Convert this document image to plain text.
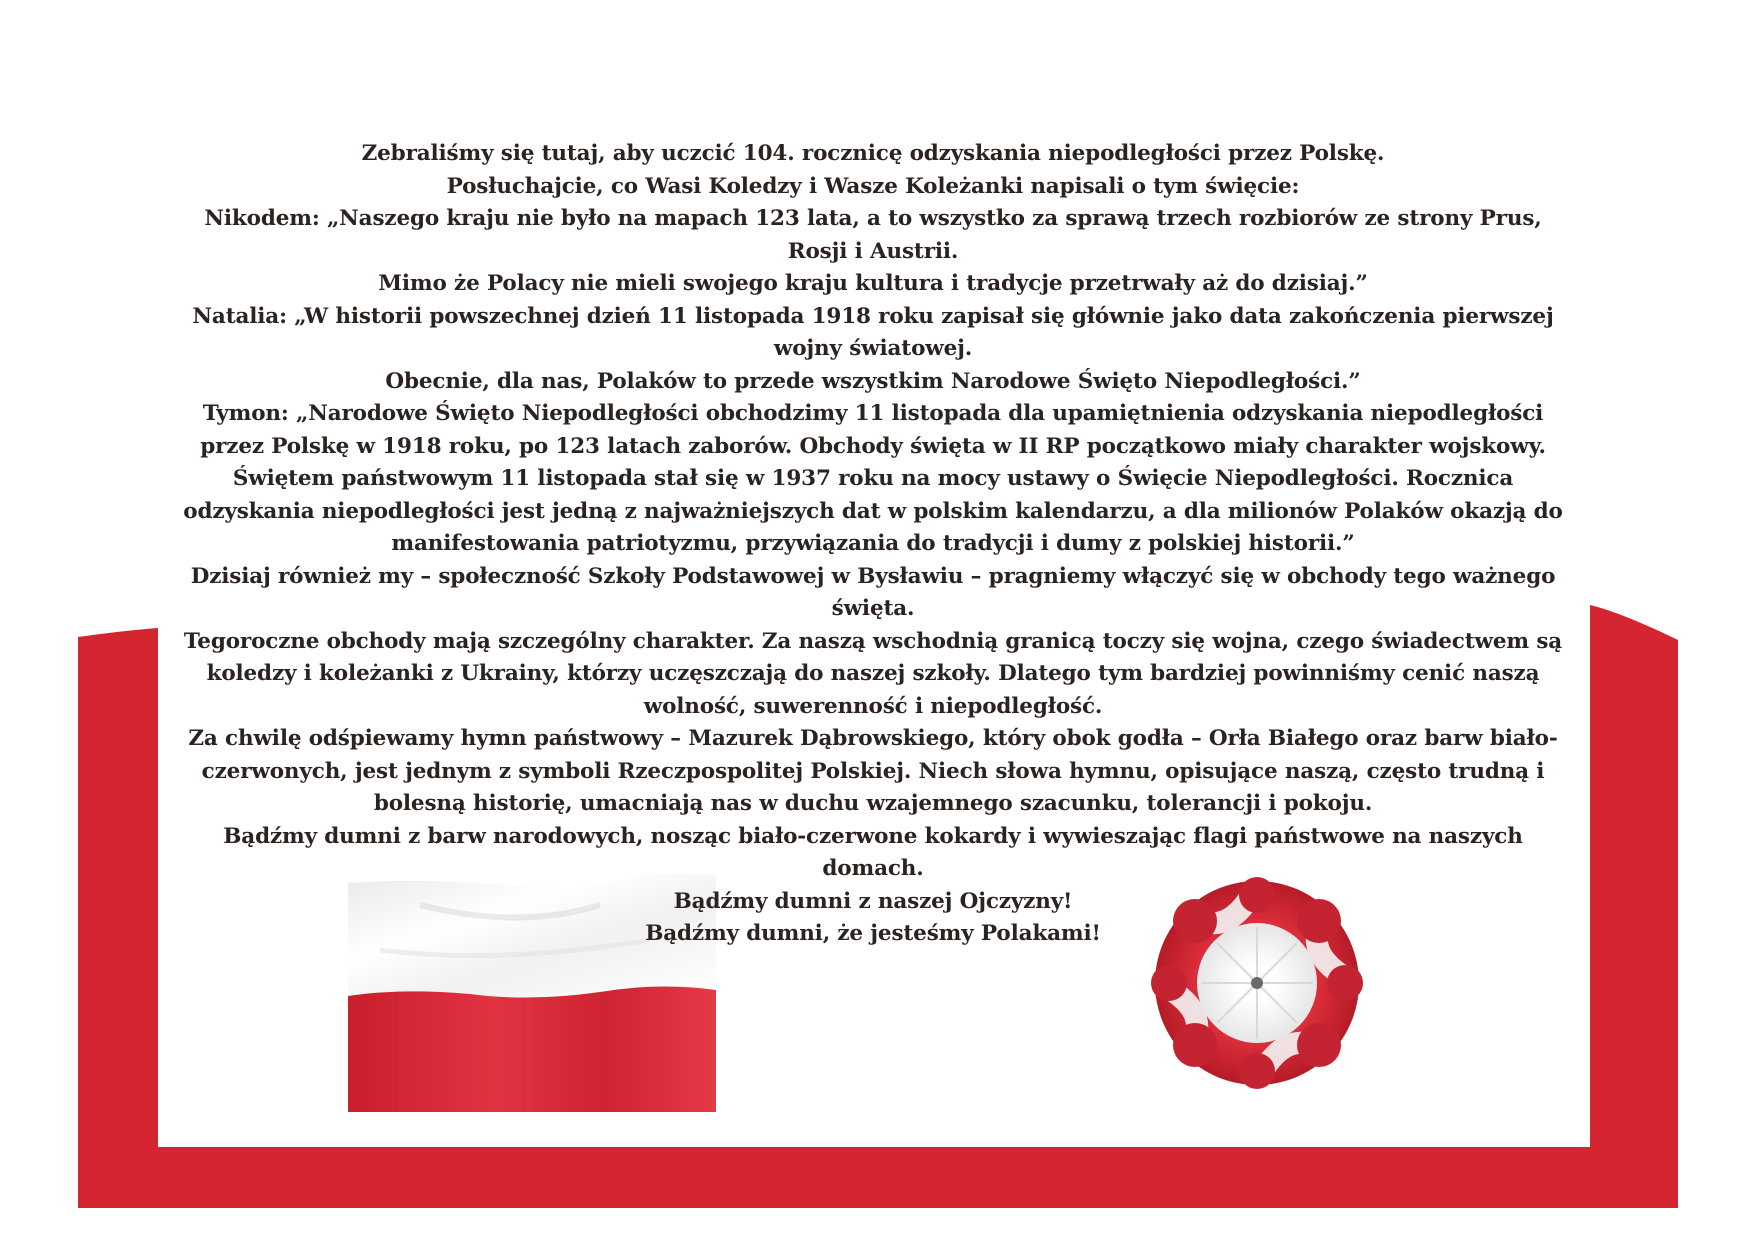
Zebraliśmy się tutaj, aby uczcić 104. rocznicę odzyskania niepodległości przez Polskę.

Posłuchajcie, co Wasi Koledzy i Wasze Koleżanki napisali o tym święcie:

Nikodem: „Naszego kraju nie było na mapach 123 lata, a to wszystko za sprawą trzech rozbiorów ze strony Prus, Rosji i Austrii.

Mimo że Polacy nie mieli swojego kraju kultura i tradycje przetrwały aż do dzisiaj.”

Natalia: „W historii powszechnej dzień 11 listopada 1918 roku zapisał się głównie jako data zakończenia pierwszej wojny światowej.

Obecnie, dla nas, Polaków to przede wszystkim Narodowe Święto Niepodległości.”

Tymon: „Narodowe Święto Niepodległości obchodzimy 11 listopada dla upamiętnienia odzyskania niepodległości przez Polskę w 1918 roku, po 123 latach zaborów. Obchody święta w II RP początkowo miały charakter wojskowy. Świętem państwowym 11 listopada stał się w 1937 roku na mocy ustawy o Święcie Niepodległości. Rocznica odzyskania niepodległości jest jedną z najważniejszych dat w polskim kalendarzu, a dla milionów Polaków okazją do manifestowania patriotyzmu, przywiązania do tradycji i dumy z polskiej historii.”

Dzisiaj również my – społeczność Szkoły Podstawowej w Bysławiu – pragniemy włączyć się w obchody tego ważnego święta.

Tegoroczne obchody mają szczególny charakter. Za naszą wschodnią granicą toczy się wojna, czego świadectwem są koledzy i koleżanki z Ukrainy, którzy uczęszczają do naszej szkoły. Dlatego tym bardziej powinniśmy cenić naszą wolność, suwerenność i niepodległość.

Za chwilę odśpiewamy hymn państwowy – Mazurek Dąbrowskiego, który obok godła – Orła Białego oraz barw biało-czerwonych, jest jednym z symboli Rzeczpospolitej Polskiej. Niech słowa hymnu, opisujące naszą, często trudną i bolesną historię, umacniają nas w duchu wzajemnego szacunku, tolerancji i pokoju.

Bądźmy dumni z barw narodowych, nosząc biało-czerwone kokardy i wywieszając flagi państwowe na naszych domach.

Bądźmy dumni z naszej Ojczyzny!

Bądźmy dumni, że jesteśmy Polakami!
